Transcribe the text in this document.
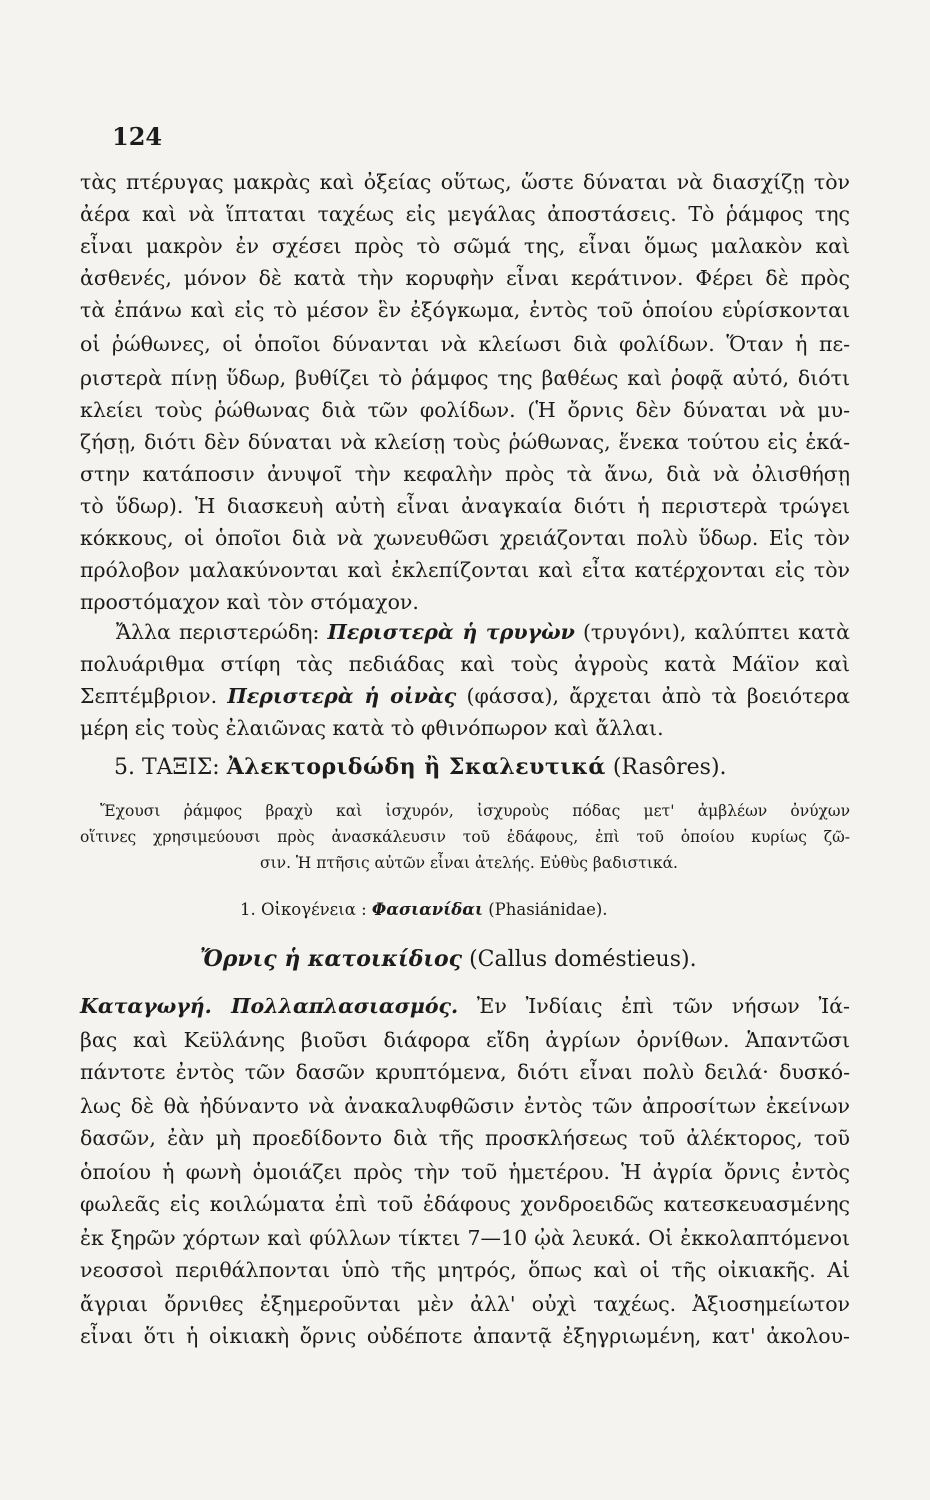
124

τὰς πτέρυγας μακρὰς καὶ ὀξείας οὕτως, ὥστε δύναται νὰ διασχίζῃ τὸν

ἀέρα καὶ νὰ ἵπταται ταχέως εἰς μεγάλας ἀποστάσεις. Τὸ ῥάμφος της

εἶναι μακρὸν ἐν σχέσει πρὸς τὸ σῶμά της, εἶναι ὅμως μαλακὸν καὶ

ἀσθενές, μόνον δὲ κατὰ τὴν κορυφὴν εἶναι κεράτινον. Φέρει δὲ πρὸς

τὰ ἐπάνω καὶ εἰς τὸ μέσον ἓν ἐξόγκωμα, ἐντὸς τοῦ ὁποίου εὑρίσκονται

οἱ ῥώθωνες, οἱ ὁποῖοι δύνανται νὰ κλείωσι διὰ φολίδων. Ὅταν ἡ πε-

ριστερὰ πίνῃ ὕδωρ, βυθίζει τὸ ῥάμφος της βαθέως καὶ ῥοφᾷ αὐτό, διότι

κλείει τοὺς ῥώθωνας διὰ τῶν φολίδων. (Ἡ ὄρνις δὲν δύναται νὰ μυ-

ζήσῃ, διότι δὲν δύναται νὰ κλείσῃ τοὺς ῥώθωνας, ἕνεκα τούτου εἰς ἑκά-

στην κατάποσιν ἀνυψοῖ τὴν κεφαλὴν πρὸς τὰ ἄνω, διὰ νὰ ὀλισθήσῃ

τὸ ὕδωρ). Ἡ διασκευὴ αὐτὴ εἶναι ἀναγκαία διότι ἡ περιστερὰ τρώγει

κόκκους, οἱ ὁποῖοι διὰ νὰ χωνευθῶσι χρειάζονται πολὺ ὕδωρ. Εἰς τὸν

πρόλοβον μαλακύνονται καὶ ἐκλεπίζονται καὶ εἶτα κατέρχονται εἰς τὸν

προστόμαχον καὶ τὸν στόμαχον.

Ἄλλα περιστερώδη: Περιστερὰ ἡ τρυγὼν (τρυγόνι), καλύπτει κατὰ

πολυάριθμα στίφη τὰς πεδιάδας καὶ τοὺς ἀγροὺς κατὰ Μάϊον καὶ

Σεπτέμβριον. Περιστερὰ ἡ οἰνὰς (φάσσα), ἄρχεται ἀπὸ τὰ βοειότερα

μέρη εἰς τοὺς ἐλαιῶνας κατὰ τὸ φθινόπωρον καὶ ἄλλαι.

5. ΤΑΞΙΣ: Ἀλεκτοριδώδη ἢ Σκαλευτικά (Rasôres).

Ἔχουσι ῥάμφος βραχὺ καὶ ἰσχυρόν, ἰσχυροὺς πόδας μετ' ἀμβλέων ὀνύχων

οἵτινες χρησιμεύουσι πρὸς ἀνασκάλευσιν τοῦ ἐδάφους, ἐπὶ τοῦ ὁποίου κυρίως ζῶ-

σιν. Ἡ πτῆσις αὐτῶν εἶναι ἀτελής. Εὐθὺς βαδιστικά.

1. Οἰκογένεια : Φασιανίδαι (Phasiánidae).

Ὄρνις ἡ κατοικίδιος (Callus doméstieus).

Καταγωγή. Πολλαπλασιασμός. Ἐν Ἰνδίαις ἐπὶ τῶν νήσων Ἰά-

βας καὶ Κεϋλάνης βιοῦσι διάφορα εἴδη ἀγρίων ὀρνίθων. Ἁπαντῶσι

πάντοτε ἐντὸς τῶν δασῶν κρυπτόμενα, διότι εἶναι πολὺ δειλά· δυσκό-

λως δὲ θὰ ἠδύναντο νὰ ἀνακαλυφθῶσιν ἐντὸς τῶν ἀπροσίτων ἐκείνων

δασῶν, ἐὰν μὴ προεδίδοντο διὰ τῆς προσκλήσεως τοῦ ἀλέκτορος, τοῦ

ὁποίου ἡ φωνὴ ὁμοιάζει πρὸς τὴν τοῦ ἡμετέρου. Ἡ ἀγρία ὄρνις ἐντὸς

φωλεᾶς εἰς κοιλώματα ἐπὶ τοῦ ἐδάφους χονδροειδῶς κατεσκευασμένης

ἐκ ξηρῶν χόρτων καὶ φύλλων τίκτει 7—10 ᾠὰ λευκά. Οἱ ἐκκολαπτόμενοι

νεοσσοὶ περιθάλπονται ὑπὸ τῆς μητρός, ὅπως καὶ οἱ τῆς οἰκιακῆς. Αἱ

ἄγριαι ὄρνιθες ἐξημεροῦνται μὲν ἀλλ' οὐχὶ ταχέως. Ἀξιοσημείωτον

εἶναι ὅτι ἡ οἰκιακὴ ὄρνις οὐδέποτε ἀπαντᾷ ἐξηγριωμένη, κατ' ἀκολου-
